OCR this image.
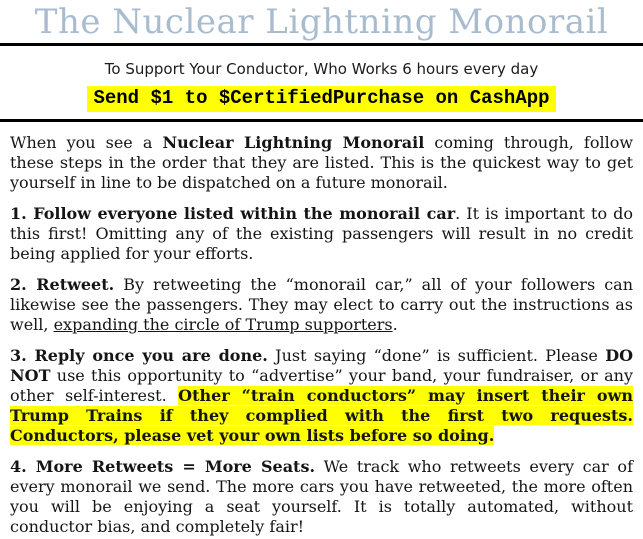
The Nuclear Lightning Monorail
To Support Your Conductor, Who Works 6 hours every day
Send $1 to $CertifiedPurchase on CashApp

When you see a Nuclear Lightning Monorail coming through, follow these steps in the order that they are listed. This is the quickest way to get yourself in line to be dispatched on a future monorail.

1. Follow everyone listed within the monorail car. It is important to do this first! Omitting any of the existing passengers will result in no credit being applied for your efforts.

2. Retweet. By retweeting the “monorail car,” all of your followers can likewise see the passengers. They may elect to carry out the instructions as well, expanding the circle of Trump supporters.

3. Reply once you are done. Just saying “done” is sufficient. Please DO NOT use this opportunity to “advertise” your band, your fundraiser, or any other self-interest. Other “train conductors” may insert their own Trump Trains if they complied with the first two requests. Conductors, please vet your own lists before so doing.

4. More Retweets = More Seats. We track who retweets every car of every monorail we send. The more cars you have retweeted, the more often you will be enjoying a seat yourself. It is totally automated, without conductor bias, and completely fair!
